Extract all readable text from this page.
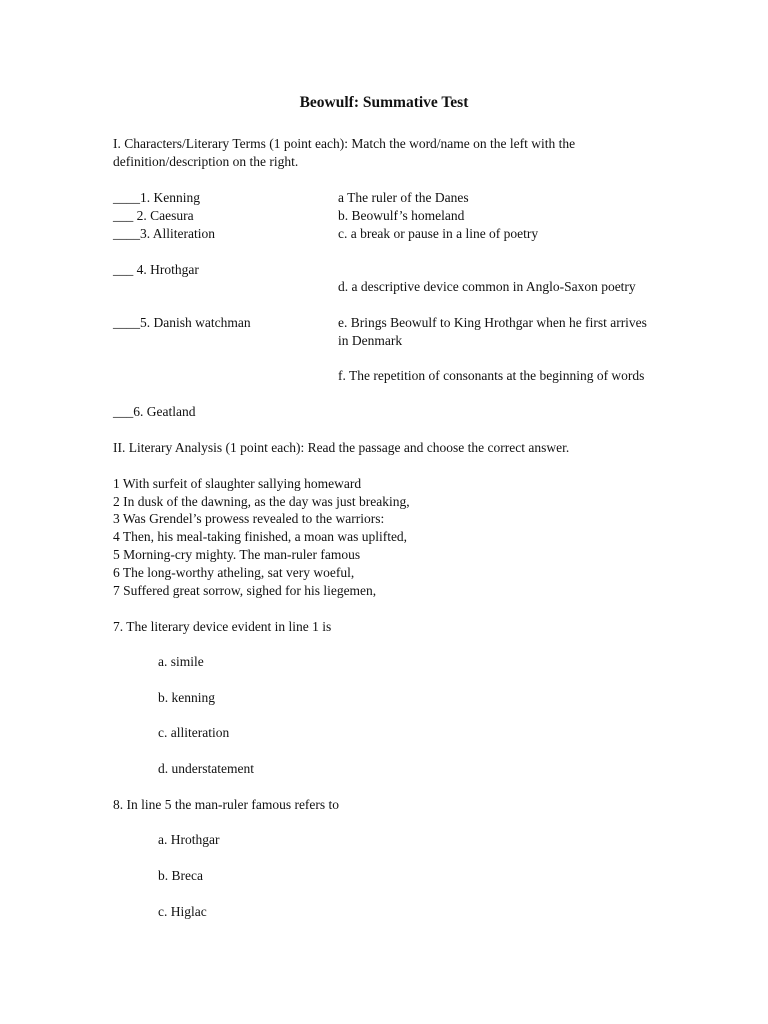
Beowulf: Summative Test
I. Characters/Literary Terms (1 point each): Match the word/name on the left with the definition/description on the right.
____1. Kenning
___ 2. Caesura
____3. Alliteration
___ 4. Hrothgar
____5. Danish watchman
___6. Geatland
a The ruler of the Danes
b. Beowulf’s homeland
c. a break or pause in a line of poetry
d. a descriptive device common in Anglo-Saxon poetry
e. Brings Beowulf to King Hrothgar when he first arrives in Denmark
f. The repetition of consonants at the beginning of words
II. Literary Analysis (1 point each): Read the passage and choose the correct answer.
1 With surfeit of slaughter sallying homeward
2 In dusk of the dawning, as the day was just breaking,
3 Was Grendel’s prowess revealed to the warriors:
4 Then, his meal-taking finished, a moan was uplifted,
5 Morning-cry mighty. The man-ruler famous
6 The long-worthy atheling, sat very woeful,
7 Suffered great sorrow, sighed for his liegemen,
7. The literary device evident in line 1 is
a. simile
b. kenning
c. alliteration
d. understatement
8. In line 5 the man-ruler famous refers to
a. Hrothgar
b. Breca
c. Higlac
